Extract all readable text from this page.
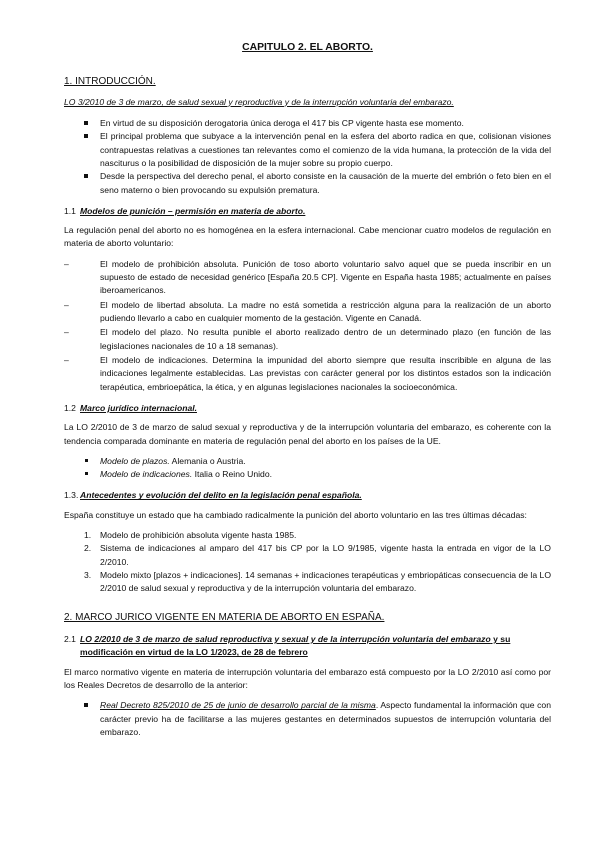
CAPITULO 2. EL ABORTO.
1. INTRODUCCIÓN.
LO 3/2010 de 3 de marzo, de salud sexual y reproductiva y de la interrupción voluntaria del embarazo.
En virtud de su disposición derogatoria única deroga el 417 bis CP vigente hasta ese momento.
El principal problema que subyace a la intervención penal en la esfera del aborto radica en que, colisionan visiones contrapuestas relativas a cuestiones tan relevantes como el comienzo de la vida humana, la protección de la vida del nasciturus o la posibilidad de disposición de la mujer sobre su propio cuerpo.
Desde la perspectiva del derecho penal, el aborto consiste en la causación de la muerte del embrión o feto bien en el seno materno o bien provocando su expulsión prematura.
1.1 Modelos de punición – permisión en materia de aborto.

La regulación penal del aborto no es homogénea en la esfera internacional. Cabe mencionar cuatro modelos de regulación en materia de aborto voluntario:

–	El modelo de prohibición absoluta. Punición de toso aborto voluntario salvo aquel que se pueda inscribir en un supuesto de estado de necesidad genérico [España 20.5 CP]. Vigente en España hasta 1985; actualmente en países iberoamericanos.
–	El modelo de libertad absoluta. La madre no está sometida a restricción alguna para la realización de un aborto pudiendo llevarlo a cabo en cualquier momento de la gestación. Vigente en Canadá.
–	El modelo del plazo. No resulta punible el aborto realizado dentro de un determinado plazo (en función de las legislaciones nacionales de 10 a 18 semanas).
–	El modelo de indicaciones. Determina la impunidad del aborto siempre que resulta inscribible en alguna de las indicaciones legalmente establecidas. Las previstas con carácter general por los distintos estados son la indicación terapéutica, embrioepática, la ética, y en algunas legislaciones nacionales la socioeconómica.
1.2 Marco jurídico internacional.

La LO 2/2010 de 3 de marzo de salud sexual y reproductiva y de la interrupción voluntaria del embarazo, es coherente con la tendencia comparada dominante en materia de regulación penal del aborto en los países de la UE.

Modelo de plazos. Alemania o Austria.
Modelo de indicaciones. Italia o Reino Unido.
1.3. Antecedentes y evolución del delito en la legislación penal española.

España constituye un estado que ha cambiado radicalmente la punición del aborto voluntario en las tres últimas décadas:

1. Modelo de prohibición absoluta vigente hasta 1985.
2. Sistema de indicaciones al amparo del 417 bis CP por la LO 9/1985, vigente hasta la entrada en vigor de la LO 2/2010.
3. Modelo mixto [plazos + indicaciones]. 14 semanas + indicaciones terapéuticas y embriopáticas consecuencia de la LO 2/2010 de salud sexual y reproductiva y de la interrupción voluntaria del embarazo.
2. MARCO JURICO VIGENTE EN MATERIA DE ABORTO EN ESPAÑA.
2.1 LO 2/2010 de 3 de marzo de salud reproductiva y sexual y de la interrupción voluntaria del embarazo y su modificación en virtud de la LO 1/2023, de 28 de febrero

El marco normativo vigente en materia de interrupción voluntaria del embarazo está compuesto por la LO 2/2010 así como por los Reales Decretos de desarrollo de la anterior:

Real Decreto 825/2010 de 25 de junio de desarrollo parcial de la misma. Aspecto fundamental la información que con carácter previo ha de facilitarse a las mujeres gestantes en determinados supuestos de interrupción voluntaria del embarazo.
